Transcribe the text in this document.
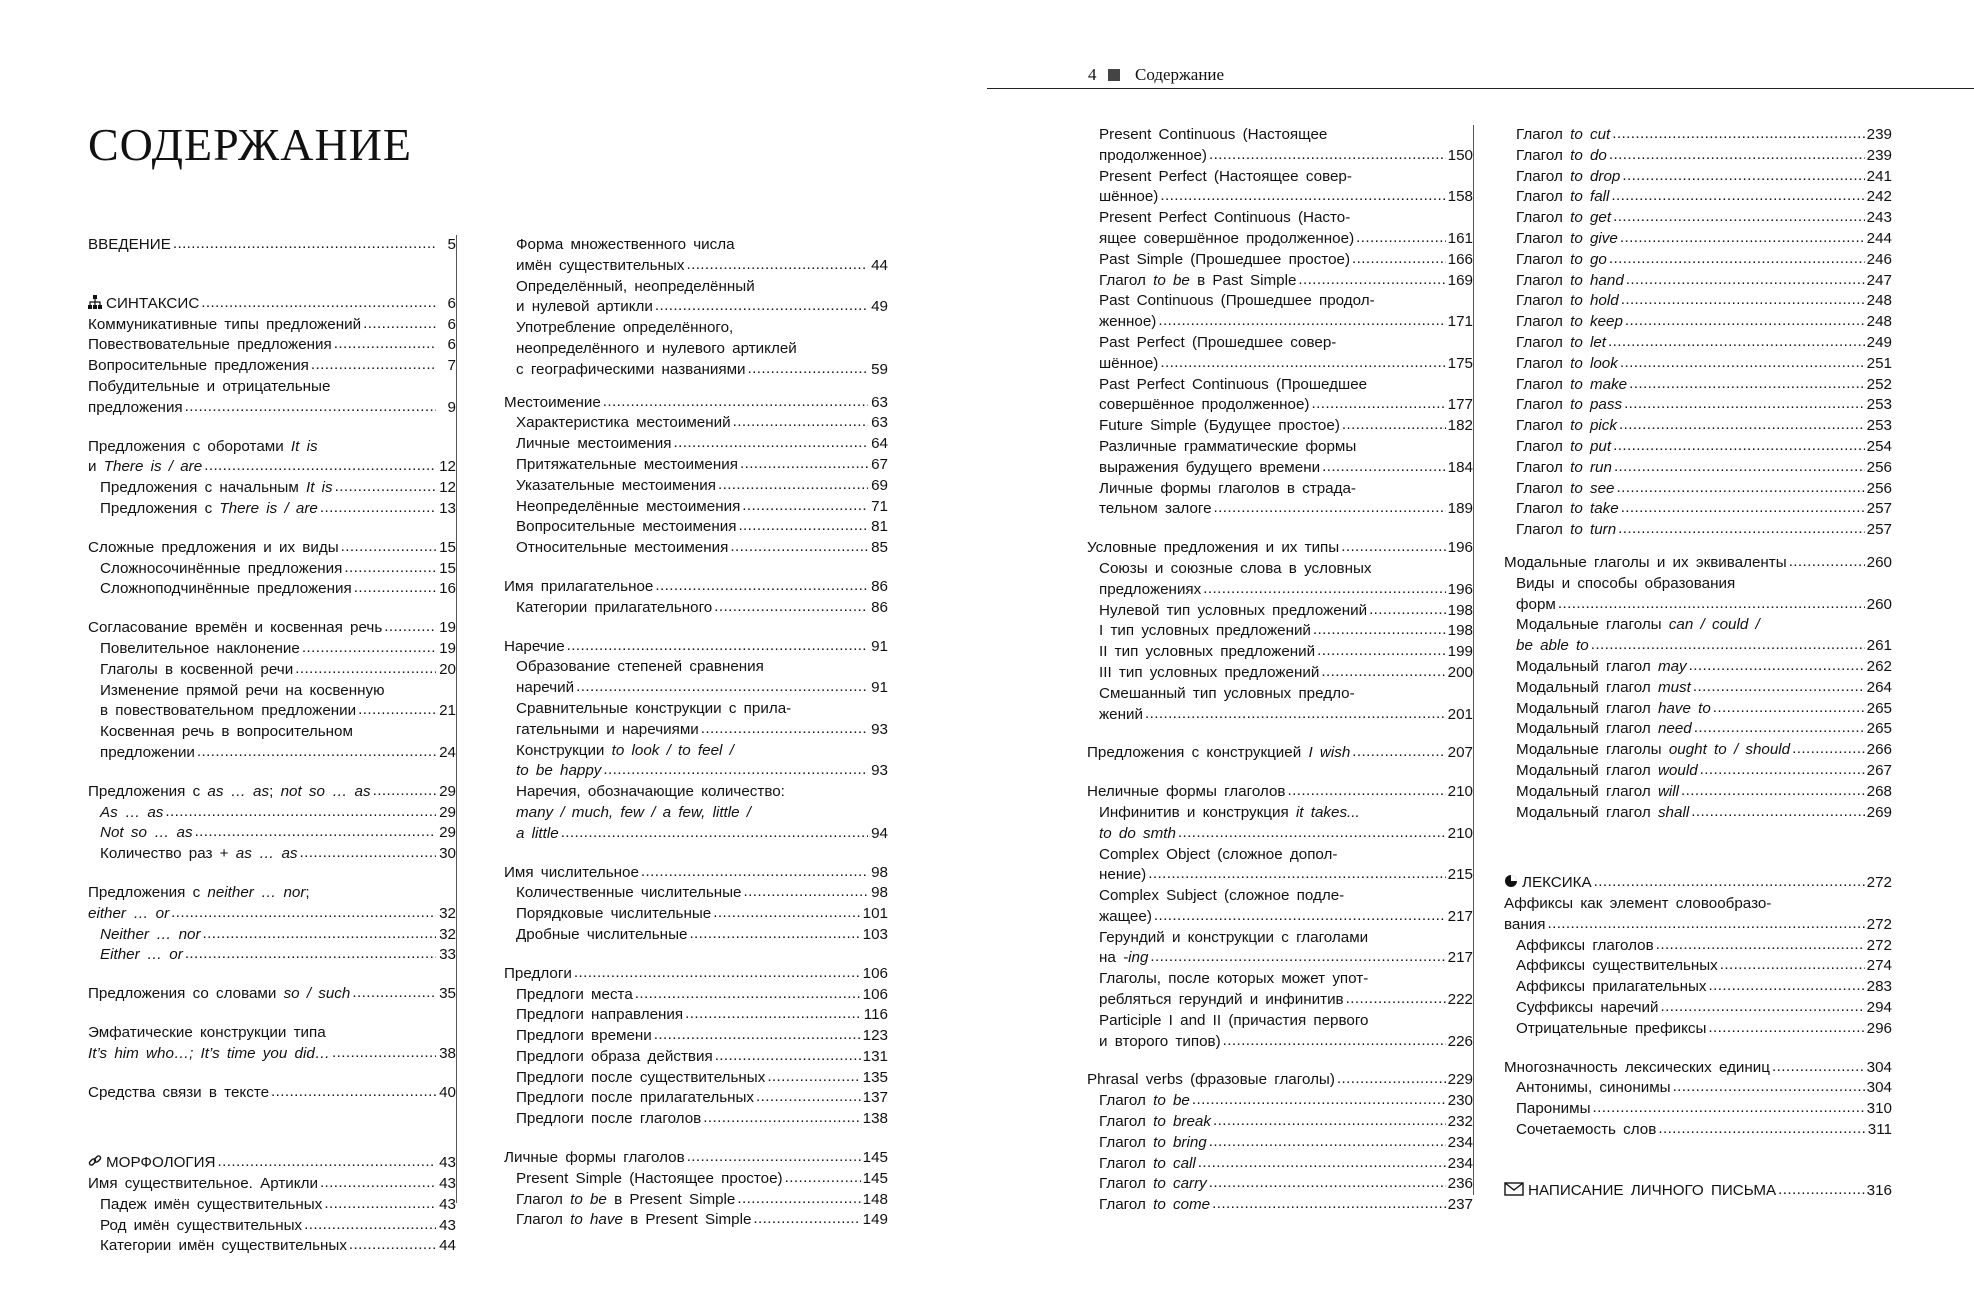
СОДЕРЖАНИЕ
ВВЕДЕНИЕ .....	5
СИНТАКСИС .....	6
Коммуникативные типы предложений .....	6
Повествовательные предложения .....	6
Вопросительные предложения .....	7
Побудительные и отрицательные
предложения .....	9
Предложения с оборотами It is
и There is / are .....	12
Предложения с начальным It is .....	12
Предложения с There is / are .....	13
Сложные предложения и их виды .....	15
Сложносочинённые предложения .....	15
Сложноподчинённые предложения .....	16
Согласование времён и косвенная речь .....	19
Повелительное наклонение .....	19
Глаголы в косвенной речи .....	20
Изменение прямой речи на косвенную
в повествовательном предложении .....	21
Косвенная речь в вопросительном
предложении .....	24
Предложения с as … as; not so … as .....	29
As … as .....	29
Not so … as .....	29
Количество раз + as … as .....	30
Предложения с neither … nor;
either … or .....	32
Neither … nor .....	32
Either … or .....	33
Предложения со словами so / such .....	35
Эмфатические конструкции типа
It’s him who…; It’s time you did… .....	38
Средства связи в тексте .....	40
МОРФОЛОГИЯ .....	43
Имя существительное. Артикли .....	43
Падеж имён существительных .....	43
Род имён существительных .....	43
Категории имён существительных .....	44
Форма множественного числа
имён существительных .....	44
Определённый, неопределённый
и нулевой артикли .....	49
Употребление определённого,
неопределённого и нулевого артиклей
с географическими названиями .....	59
Местоимение .....	63
Характеристика местоимений .....	63
Личные местоимения .....	64
Притяжательные местоимения .....	67
Указательные местоимения .....	69
Неопределённые местоимения .....	71
Вопросительные местоимения .....	81
Относительные местоимения .....	85
Имя прилагательное .....	86
Категории прилагательного .....	86
Наречие .....	91
Образование степеней сравнения
наречий .....	91
Сравнительные конструкции с прила-
гательными и наречиями .....	93
Конструкции to look / to feel /
to be happy .....	93
Наречия, обозначающие количество:
many / much, few / a few, little /
a little .....	94
Имя числительное .....	98
Количественные числительные .....	98
Порядковые числительные .....	101
Дробные числительные .....	103
Предлоги .....	106
Предлоги места .....	106
Предлоги направления .....	116
Предлоги времени .....	123
Предлоги образа действия .....	131
Предлоги после существительных .....	135
Предлоги после прилагательных .....	137
Предлоги после глаголов .....	138
Личные формы глаголов .....	145
Present Simple (Настоящее простое) .....	145
Глагол to be в Present Simple .....	148
Глагол to have в Present Simple .....	149
4 Содержание
Present Continuous (Настоящее
продолженное) .....	150
Present Perfect (Настоящее совер-
шённое) .....	158
Present Perfect Continuous (Насто-
ящее совершённое продолженное) .....	161
Past Simple (Прошедшее простое) .....	166
Глагол to be в Past Simple .....	169
Past Continuous (Прошедшее продол-
женное) .....	171
Past Perfect (Прошедшее совер-
шённое) .....	175
Past Perfect Continuous (Прошедшее
совершённое продолженное) .....	177
Future Simple (Будущее простое) .....	182
Различные грамматические формы
выражения будущего времени .....	184
Личные формы глаголов в страда-
тельном залоге .....	189
Условные предложения и их типы .....	196
Союзы и союзные слова в условных
предложениях .....	196
Нулевой тип условных предложений .....	198
I тип условных предложений .....	198
II тип условных предложений .....	199
III тип условных предложений .....	200
Смешанный тип условных предло-
жений .....	201
Предложения с конструкцией I wish .....	207
Неличные формы глаголов .....	210
Инфинитив и конструкция it takes...
to do smth .....	210
Complex Object (сложное допол-
нение) .....	215
Complex Subject (сложное подле-
жащее) .....	217
Герундий и конструкции с глаголами
на -ing .....	217
Глаголы, после которых может упот-
ребляться герундий и инфинитив .....	222
Participle I and II (причастия первого
и второго типов) .....	226
Phrasal verbs (фразовые глаголы) .....	229
Глагол to be .....	230
Глагол to break .....	232
Глагол to bring .....	234
Глагол to call .....	234
Глагол to carry .....	236
Глагол to come .....	237
Глагол to cut .....	239
Глагол to do .....	239
Глагол to drop .....	241
Глагол to fall .....	242
Глагол to get .....	243
Глагол to give .....	244
Глагол to go .....	246
Глагол to hand .....	247
Глагол to hold .....	248
Глагол to keep .....	248
Глагол to let .....	249
Глагол to look .....	251
Глагол to make .....	252
Глагол to pass .....	253
Глагол to pick .....	253
Глагол to put .....	254
Глагол to run .....	256
Глагол to see .....	256
Глагол to take .....	257
Глагол to turn .....	257
Модальные глаголы и их эквиваленты .....	260
Виды и способы образования
форм .....	260
Модальные глаголы can / could /
be able to .....	261
Модальный глагол may .....	262
Модальный глагол must .....	264
Модальный глагол have to .....	265
Модальный глагол need .....	265
Модальные глаголы ought to / should .....	266
Модальный глагол would .....	267
Модальный глагол will .....	268
Модальный глагол shall .....	269
ЛЕКСИКА .....	272
Аффиксы как элемент словообразо-
вания .....	272
Аффиксы глаголов .....	272
Аффиксы существительных .....	274
Аффиксы прилагательных .....	283
Суффиксы наречий .....	294
Отрицательные префиксы .....	296
Многозначность лексических единиц .....	304
Антонимы, синонимы .....	304
Паронимы .....	310
Сочетаемость слов .....	311
НАПИСАНИЕ ЛИЧНОГО ПИСЬМА .....	316
